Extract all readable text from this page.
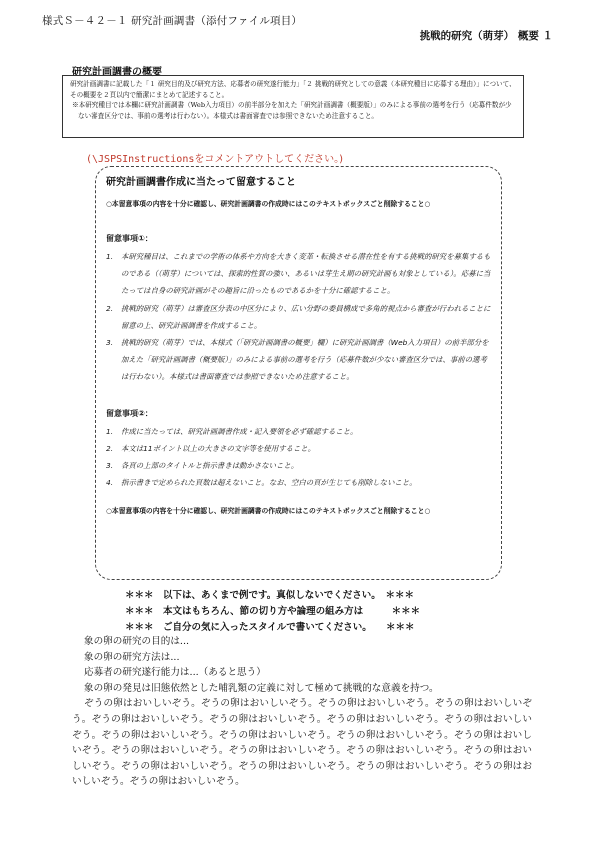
様式Ｓ－４２－１ 研究計画調書（添付ファイル項目）
挑戦的研究（萌芽） 概要 １
研究計画調書の概要

研究計画調書に記載した「１ 研究目的及び研究方法、応募者の研究遂行能力」「２ 挑戦的研究としての意義（本研究種目に応募する理由）」について、その概要を２頁以内で簡潔にまとめて記述すること。

※本研究種目では本欄に研究計画調書（Web入力項目）の前半部分を加えた「研究計画調書（概要版）」のみによる事前の選考を行う（応募件数が少ない審査区分では、事前の選考は行わない）。本様式は書面審査では参照できないため注意すること。

(\JSPSInstructionsをコメントアウトしてください。)

研究計画調書作成に当たって留意すること

○本留意事項の内容を十分に確認し、研究計画調書の作成時にはこのテキストボックスごと削除すること○

留意事項①：

1. 本研究種目は、これまでの学術の体系や方向を大きく変革・転換させる潜在性を有する挑戦的研究を募集するものである（（萌芽）については、探索的性質の強い、あるいは芽生え期の研究計画も対象としている）。応募に当たっては自身の研究計画がその趣旨に沿ったものであるかを十分に確認すること。
2. 挑戦的研究（萌芽）は審査区分表の中区分により、広い分野の委員構成で多角的視点から審査が行われることに留意の上、研究計画調書を作成すること。
3. 挑戦的研究（萌芽）では、本様式（「研究計画調書の概要」欄）に研究計画調書（Web入力項目）の前半部分を加えた「研究計画調書（概要版）」のみによる事前の選考を行う（応募件数が少ない審査区分では、事前の選考は行わない）。本様式は書面審査では参照できないため注意すること。

留意事項②：

1. 作成に当たっては、研究計画調書作成・記入要領を必ず確認すること。
2. 本文は11ポイント以上の大きさの文字等を使用すること。
3. 各頁の上部のタイトルと指示書きは動かさないこと。
4. 指示書きで定められた頁数は超えないこと。なお、空白の頁が生じても削除しないこと。

○本留意事項の内容を十分に確認し、研究計画調書の作成時にはこのテキストボックスごと削除すること○

＊＊＊　以下は、あくまで例です。真似しないでください。　＊＊＊
＊＊＊　本文はもちろん、節の切り方や論理の組み方は　　　＊＊＊
＊＊＊　ご自分の気に入ったスタイルで書いてください。　　＊＊＊

象の卵の研究の目的は...

象の卵の研究方法は...

応募者の研究遂行能力は...（あると思う）

象の卵の発見は旧態依然とした哺乳類の定義に対して極めて挑戦的な意義を持つ。

ぞうの卵はおいしいぞう。ぞうの卵はおいしいぞう。ぞうの卵はおいしいぞう。ぞうの卵はおいしいぞう。ぞうの卵はおいしいぞう。ぞうの卵はおいしいぞう。ぞうの卵はおいしいぞう。ぞうの卵はおいしいぞう。ぞうの卵はおいしいぞう。ぞうの卵はおいしいぞう。ぞうの卵はおいしいぞう。ぞうの卵はおいしいぞう。ぞうの卵はおいしいぞう。ぞうの卵はおいしいぞう。ぞうの卵はおいしいぞう。ぞうの卵はおいしいぞう。ぞうの卵はおいしいぞう。ぞうの卵はおいしいぞう。ぞうの卵はおいしいぞう。ぞうの卵はおいしいぞう。ぞうの卵はおいしいぞう。
